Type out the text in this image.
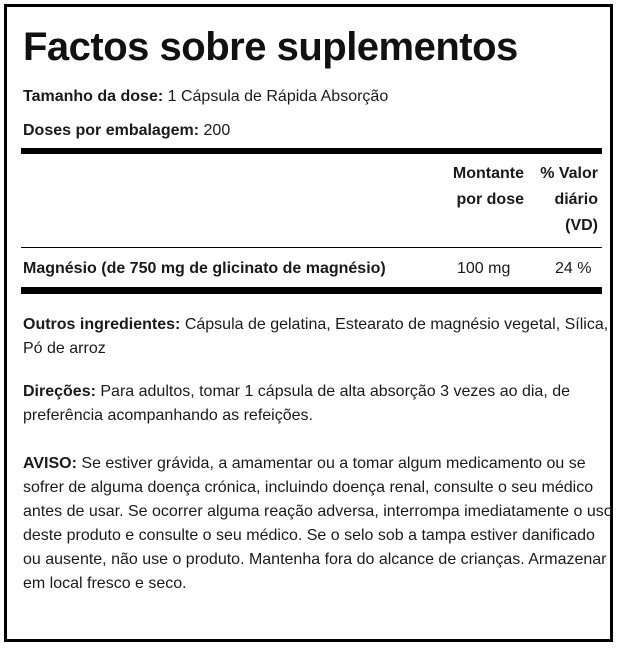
Factos sobre suplementos
Tamanho da dose: 1 Cápsula de Rápida Absorção
Doses por embalagem: 200
Montante
por dose
% Valor
diário
(VD)
Magnésio (de 750 mg de glicinato de magnésio)	100 mg	24 %
Outros ingredientes: Cápsula de gelatina, Estearato de magnésio vegetal, Sílica, Pó de arroz
Direções: Para adultos, tomar 1 cápsula de alta absorção 3 vezes ao dia, de preferência acompanhando as refeições.
AVISO: Se estiver grávida, a amamentar ou a tomar algum medicamento ou se sofrer de alguma doença crónica, incluindo doença renal, consulte o seu médico antes de usar. Se ocorrer alguma reação adversa, interrompa imediatamente o uso deste produto e consulte o seu médico. Se o selo sob a tampa estiver danificado ou ausente, não use o produto. Mantenha fora do alcance de crianças. Armazenar em local fresco e seco.
